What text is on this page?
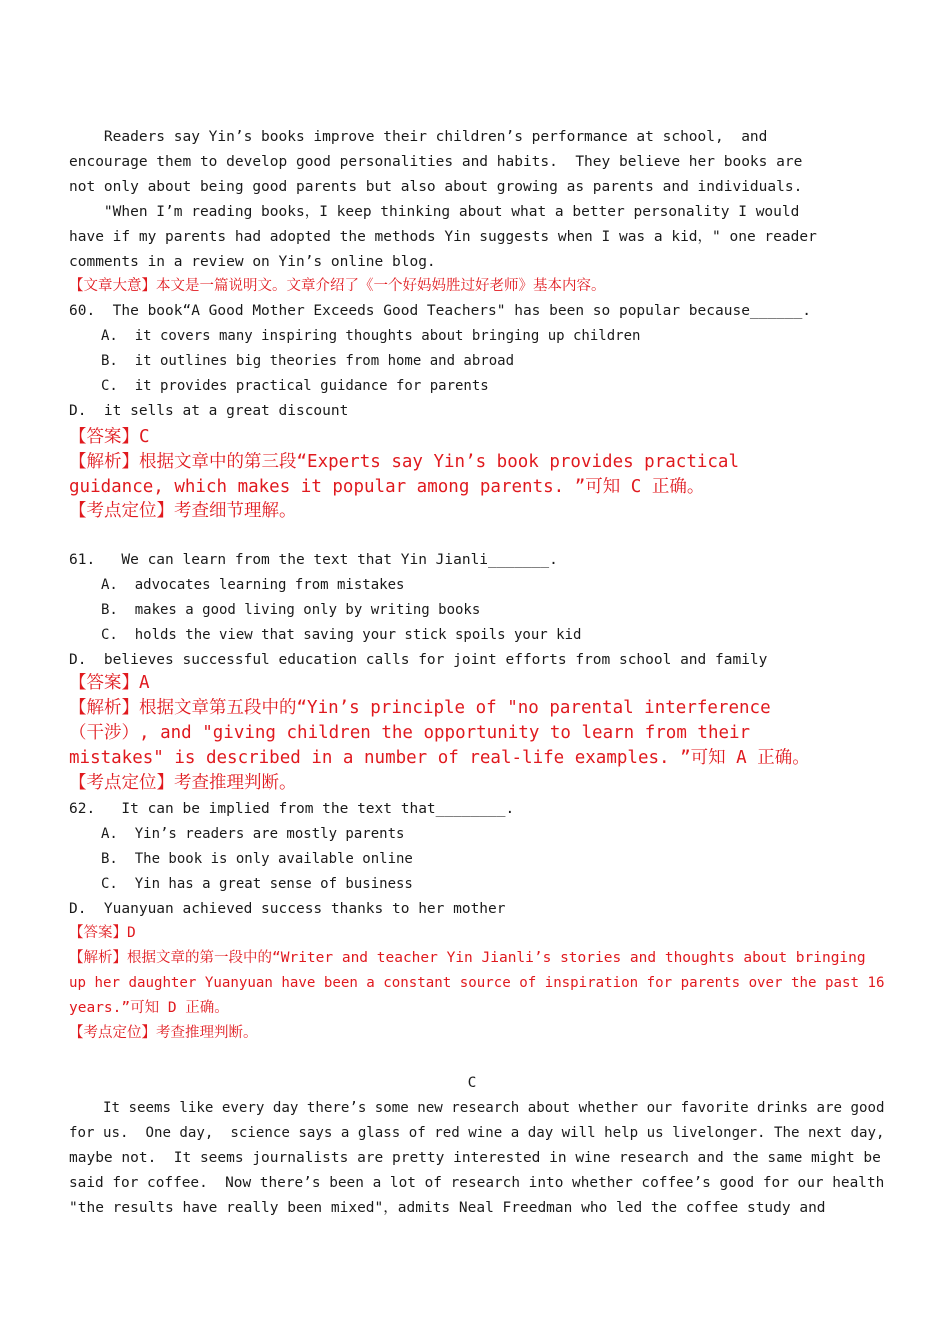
Readers say Yin’s books improve their children’s performance at school,  and
encourage them to develop good personalities and habits.  They believe her books are
not only about being good parents but also about growing as parents and individuals.
"When I’m reading books，I keep thinking about what a better personality I would
have if my parents had adopted the methods Yin suggests when I was a kid，" one reader
comments in a review on Yin’s online blog.
【文章大意】本文是一篇说明文。文章介绍了《一个好妈妈胜过好老师》基本内容。
60.  The book“A Good Mother Exceeds Good Teachers" has been so popular because______.
A.  it covers many inspiring thoughts about bringing up children
B.  it outlines big theories from home and abroad
C.  it provides practical guidance for parents
D.  it sells at a great discount
【答案】C
【解析】根据文章中的第三段“Experts say Yin’s book provides practical
guidance, which makes it popular among parents. ”可知 C 正确。
【考点定位】考查细节理解。
61.   We can learn from the text that Yin Jianli_______.
A.  advocates learning from mistakes
B.  makes a good living only by writing books
C.  holds the view that saving your stick spoils your kid
D.  believes successful education calls for joint efforts from school and family
【答案】A
【解析】根据文章第五段中的“Yin’s principle of "no parental interference
（干涉）, and "giving children the opportunity to learn from their
mistakes" is described in a number of real-life examples. ”可知 A 正确。
【考点定位】考查推理判断。
62.   It can be implied from the text that________.
A.  Yin’s readers are mostly parents
B.  The book is only available online
C.  Yin has a great sense of business
D.  Yuanyuan achieved success thanks to her mother
【答案】D
【解析】根据文章的第一段中的“Writer and teacher Yin Jianli’s stories and thoughts about bringing
up her daughter Yuanyuan have been a constant source of inspiration for parents over the past 16
years.”可知 D 正确。
【考点定位】考查推理判断。
C
It seems like every day there’s some new research about whether our favorite drinks are good
for us.  One day,  science says a glass of red wine a day will help us livelonger. The next day,
maybe not.  It seems journalists are pretty interested in wine research and the same might be
said for coffee.  Now there’s been a lot of research into whether coffee’s good for our health
"the results have really been mixed"，admits Neal Freedman who led the coffee study and
